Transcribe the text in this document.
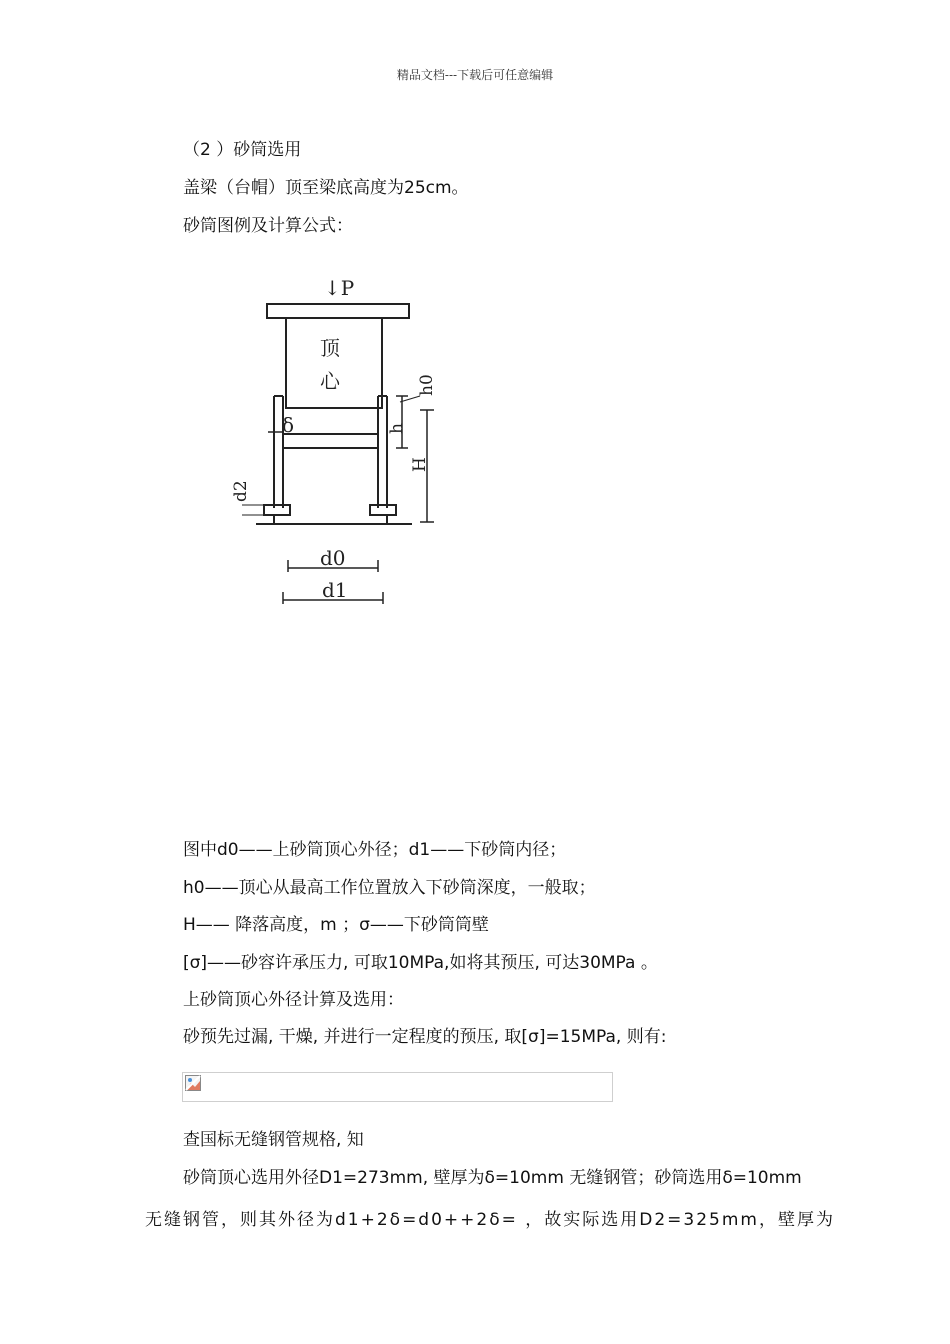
精品文档---下载后可任意编辑
（2 ）砂筒选用
盖梁（台帽）顶至梁底高度为25cm。
砂筒图例及计算公式：
↓P
顶
心
δ
h0
h
H
d2
d0
d1
图中d0——上砂筒顶心外径；d1——下砂筒内径；
h0——顶心从最高工作位置放入下砂筒深度，一般取；
H—— 降落高度，m ；σ——下砂筒筒壁
[σ]——砂容许承压力, 可取10MPa,如将其预压, 可达30MPa 。
上砂筒顶心外径计算及选用：
砂预先过漏, 干燥, 并进行一定程度的预压, 取[σ]=15MPa, 则有:
查国标无缝钢管规格, 知
砂筒顶心选用外径D1=273mm, 壁厚为δ=10mm 无缝钢管；砂筒选用δ=10mm
无缝钢管，则其外径为d1+2δ=d0++2δ= ，故实际选用D2=325mm，壁厚为
